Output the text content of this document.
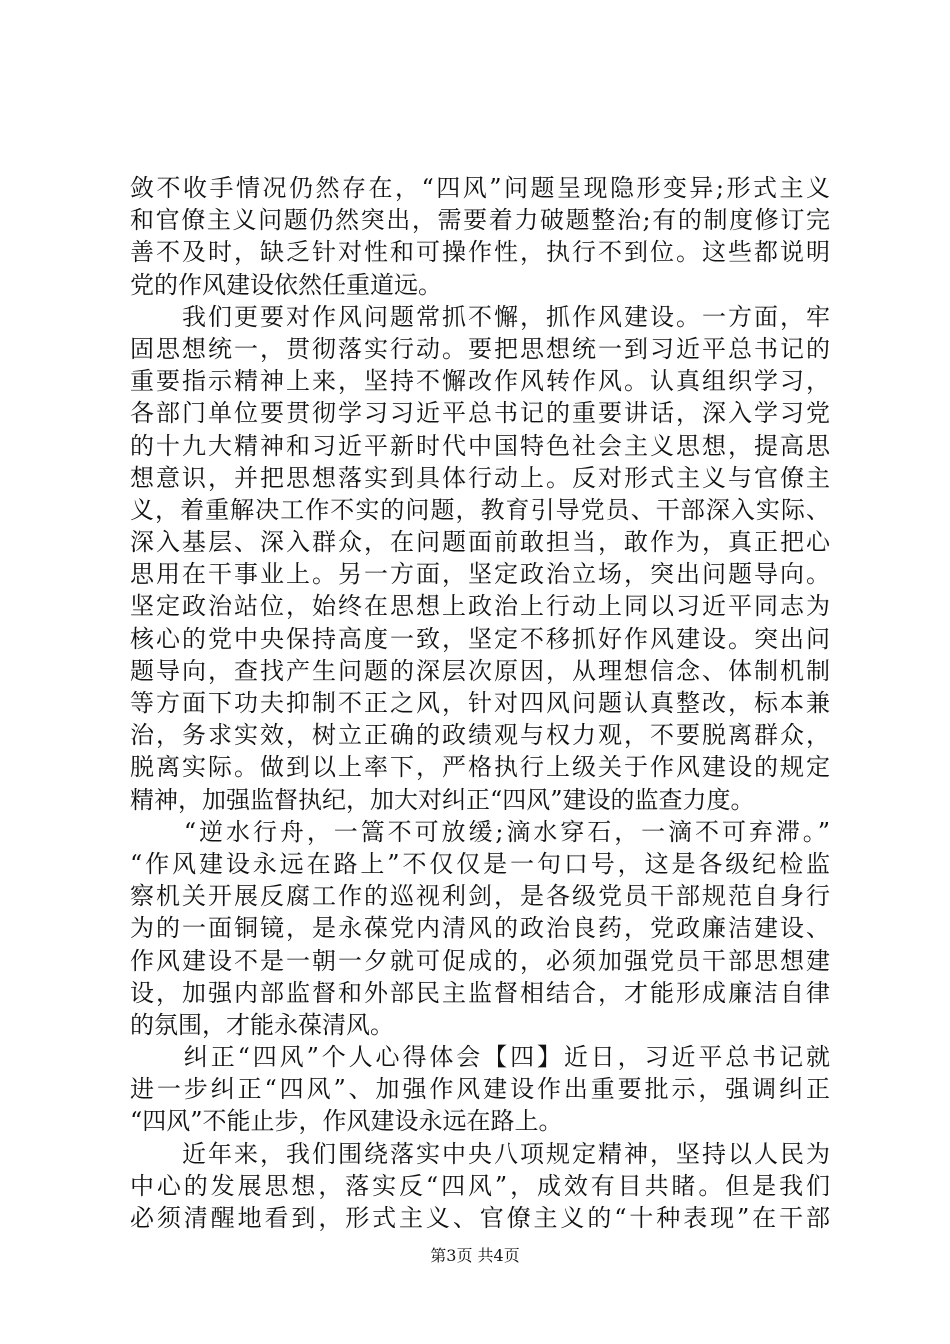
敛不收手情况仍然存在，“四风”问题呈现隐形变异;形式主义
和官僚主义问题仍然突出，需要着力破题整治;有的制度修订完
善不及时，缺乏针对性和可操作性，执行不到位。这些都说明
党的作风建设依然任重道远。
　　我们更要对作风问题常抓不懈，抓作风建设。一方面，牢
固思想统一，贯彻落实行动。要把思想统一到习近平总书记的
重要指示精神上来，坚持不懈改作风转作风。认真组织学习，
各部门单位要贯彻学习习近平总书记的重要讲话，深入学习党
的十九大精神和习近平新时代中国特色社会主义思想，提高思
想意识，并把思想落实到具体行动上。反对形式主义与官僚主
义，着重解决工作不实的问题，教育引导党员、干部深入实际、
深入基层、深入群众，在问题面前敢担当，敢作为，真正把心
思用在干事业上。另一方面，坚定政治立场，突出问题导向。
坚定政治站位，始终在思想上政治上行动上同以习近平同志为
核心的党中央保持高度一致，坚定不移抓好作风建设。突出问
题导向，查找产生问题的深层次原因，从理想信念、体制机制
等方面下功夫抑制不正之风，针对四风问题认真整改，标本兼
治，务求实效，树立正确的政绩观与权力观，不要脱离群众，
脱离实际。做到以上率下，严格执行上级关于作风建设的规定
精神，加强监督执纪，加大对纠正“四风”建设的监查力度。
　　“逆水行舟，一篙不可放缓;滴水穿石，一滴不可弃滞。”
“作风建设永远在路上”不仅仅是一句口号，这是各级纪检监
察机关开展反腐工作的巡视利剑，是各级党员干部规范自身行
为的一面铜镜，是永葆党内清风的政治良药，党政廉洁建设、
作风建设不是一朝一夕就可促成的，必须加强党员干部思想建
设，加强内部监督和外部民主监督相结合，才能形成廉洁自律
的氛围，才能永葆清风。
　　纠正“四风”个人心得体会【四】近日，习近平总书记就
进一步纠正“四风”、加强作风建设作出重要批示，强调纠正
“四风”不能止步，作风建设永远在路上。
　　近年来，我们围绕落实中央八项规定精神，坚持以人民为
中心的发展思想，落实反“四风”，成效有目共睹。但是我们
必须清醒地看到，形式主义、官僚主义的“十种表现”在干部
第3页 共4页
